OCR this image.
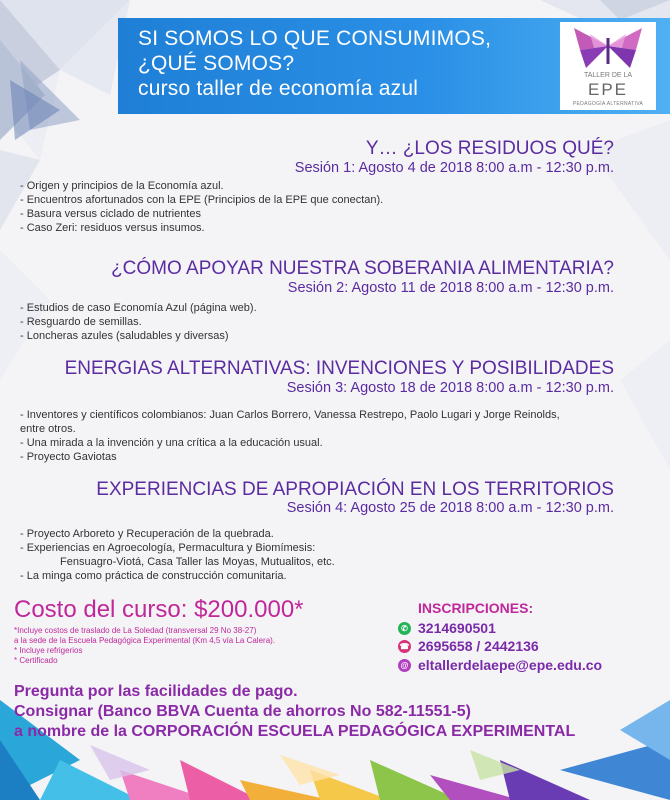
SI SOMOS LO QUE CONSUMIMOS,
¿QUÉ SOMOS?
curso taller de economía azul
TALLER DE LA
EPE
PEDAGOGÍA ALTERNATIVA
Y… ¿LOS RESIDUOS QUÉ?
Sesión 1: Agosto 4 de 2018 8:00 a.m - 12:30 p.m.
- Origen y principios de la Economía azul.
- Encuentros afortunados con la EPE (Principios de la EPE que conectan).
- Basura versus ciclado de nutrientes
- Caso Zeri: residuos versus insumos.
¿CÓMO APOYAR NUESTRA SOBERANIA ALIMENTARIA?
Sesión 2: Agosto 11 de 2018 8:00 a.m - 12:30 p.m.
- Estudios de caso Economía Azul (página web).
- Resguardo de semillas.
- Loncheras azules (saludables y diversas)
ENERGIAS ALTERNATIVAS: INVENCIONES Y POSIBILIDADES
Sesión 3: Agosto 18 de 2018 8:00 a.m - 12:30 p.m.
- Inventores y científicos colombianos: Juan Carlos Borrero, Vanessa Restrepo, Paolo Lugari y Jorge Reinolds, entre otros.
- Una mirada a la invención y una crítica a la educación usual.
- Proyecto Gaviotas
EXPERIENCIAS DE APROPIACIÓN EN LOS TERRITORIOS
Sesión 4: Agosto 25 de 2018 8:00 a.m - 12:30 p.m.
- Proyecto Arboreto y Recuperación de la quebrada.
- Experiencias en Agroecología, Permacultura y Biomímesis:
Fensuagro-Viotá, Casa Taller las Moyas, Mutualitos, etc.
- La minga como práctica de construcción comunitaria.
Costo del curso: $200.000*
*Incluye costos de traslado de La Soledad (transversal 29 No 38-27)
a la sede de la Escuela Pedagógica Experimental (Km 4,5 vía La Calera).
* Incluye refrigerios
* Certificado
INSCRIPCIONES:
✆ 3214690501
☎ 2695658 / 2442136
@ eltallerdelaepe@epe.edu.co
Pregunta por las facilidades de pago.
Consignar (Banco BBVA Cuenta de ahorros No 582-11551-5)
a nombre de la CORPORACIÓN ESCUELA PEDAGÓGICA EXPERIMENTAL
